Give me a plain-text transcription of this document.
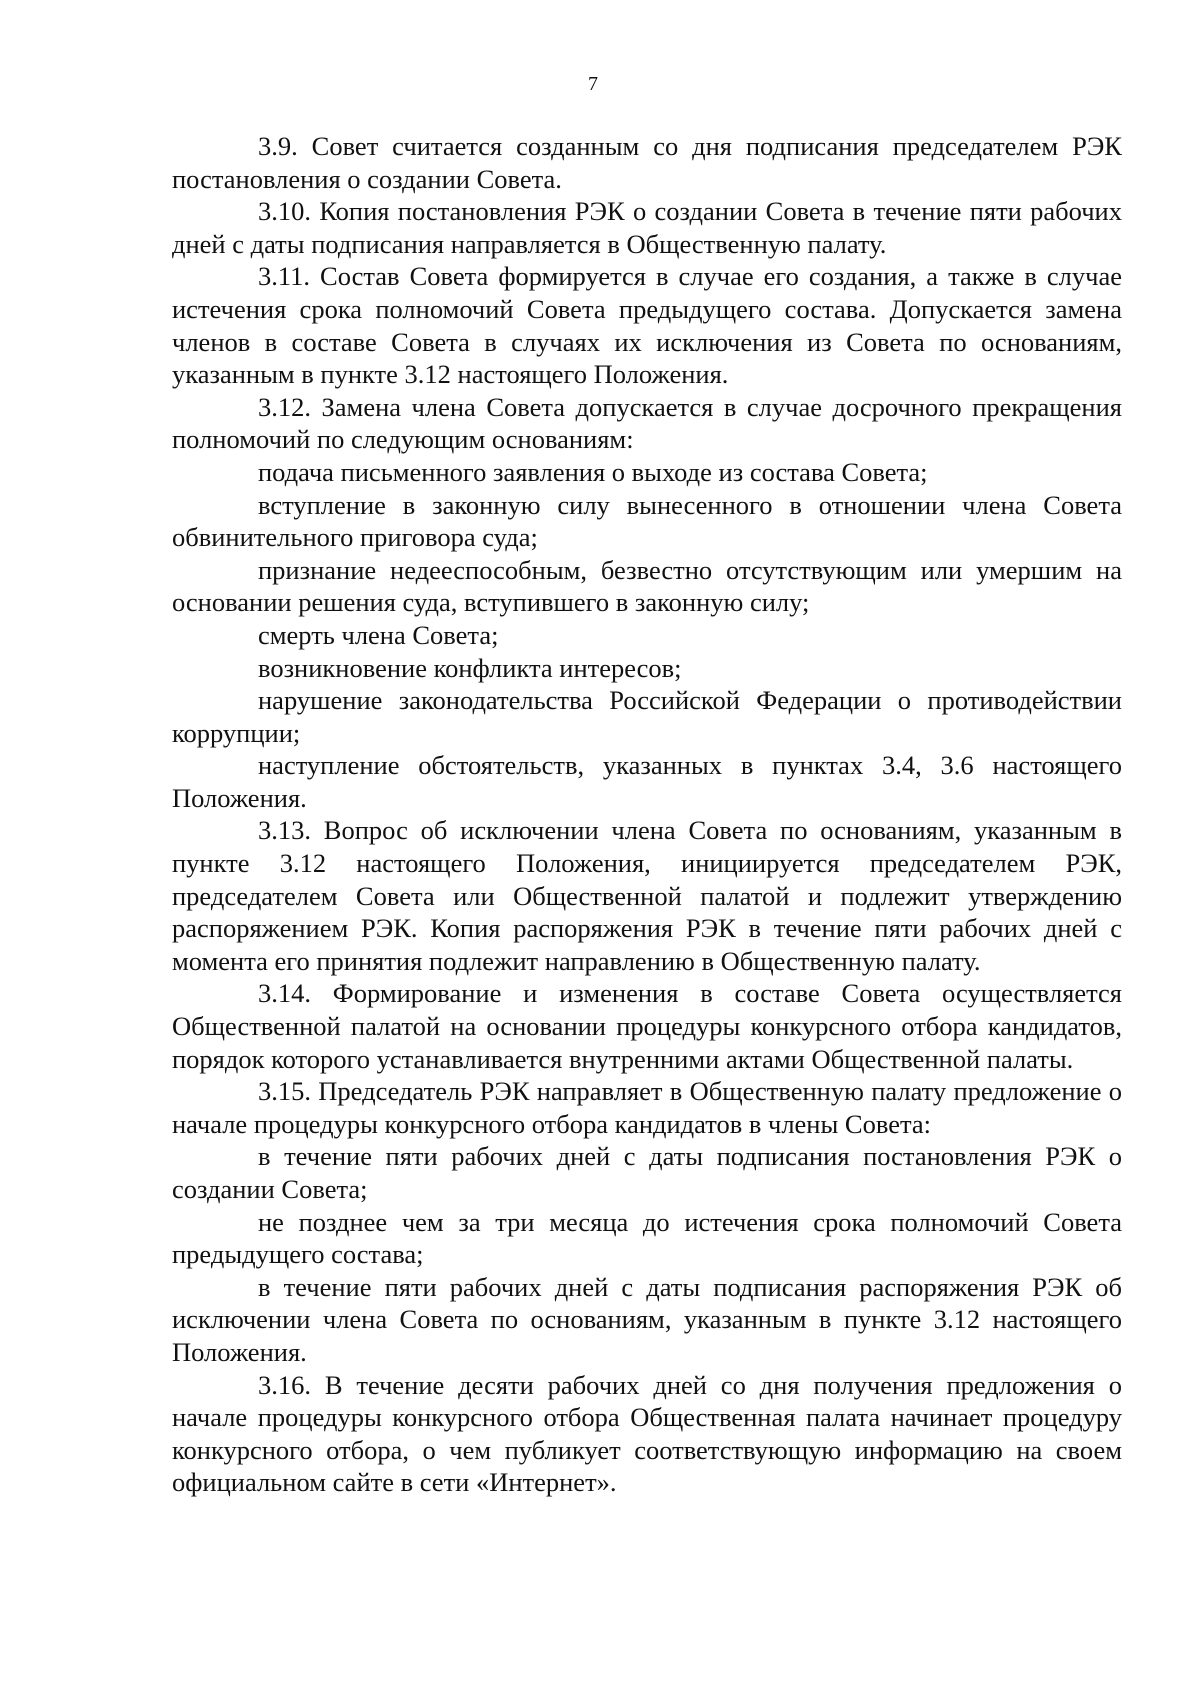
7

3.9. Совет считается созданным со дня подписания председателем РЭК постановления о создании Совета.

3.10. Копия постановления РЭК о создании Совета в течение пяти рабочих дней с даты подписания направляется в Общественную палату.

3.11. Состав Совета формируется в случае его создания, а также в случае истечения срока полномочий Совета предыдущего состава. Допускается замена членов в составе Совета в случаях их исключения из Совета по основаниям, указанным в пункте 3.12 настоящего Положения.

3.12. Замена члена Совета допускается в случае досрочного прекращения полномочий по следующим основаниям:

подача письменного заявления о выходе из состава Совета;

вступление в законную силу вынесенного в отношении члена Совета обвинительного приговора суда;

признание недееспособным, безвестно отсутствующим или умершим на основании решения суда, вступившего в законную силу;

смерть члена Совета;

возникновение конфликта интересов;

нарушение законодательства Российской Федерации о противодействии коррупции;

наступление обстоятельств, указанных в пунктах 3.4, 3.6 настоящего Положения.

3.13. Вопрос об исключении члена Совета по основаниям, указанным в пункте 3.12 настоящего Положения, инициируется председателем РЭК, председателем Совета или Общественной палатой и подлежит утверждению распоряжением РЭК. Копия распоряжения РЭК в течение пяти рабочих дней с момента его принятия подлежит направлению в Общественную палату.

3.14. Формирование и изменения в составе Совета осуществляется Общественной палатой на основании процедуры конкурсного отбора кандидатов, порядок которого устанавливается внутренними актами Общественной палаты.

3.15. Председатель РЭК направляет в Общественную палату предложение о начале процедуры конкурсного отбора кандидатов в члены Совета:

в течение пяти рабочих дней с даты подписания постановления РЭК о создании Совета;

не позднее чем за три месяца до истечения срока полномочий Совета предыдущего состава;

в течение пяти рабочих дней с даты подписания распоряжения РЭК об исключении члена Совета по основаниям, указанным в пункте 3.12 настоящего Положения.

3.16. В течение десяти рабочих дней со дня получения предложения о начале процедуры конкурсного отбора Общественная палата начинает процедуру конкурсного отбора, о чем публикует соответствующую информацию на своем официальном сайте в сети «Интернет».
